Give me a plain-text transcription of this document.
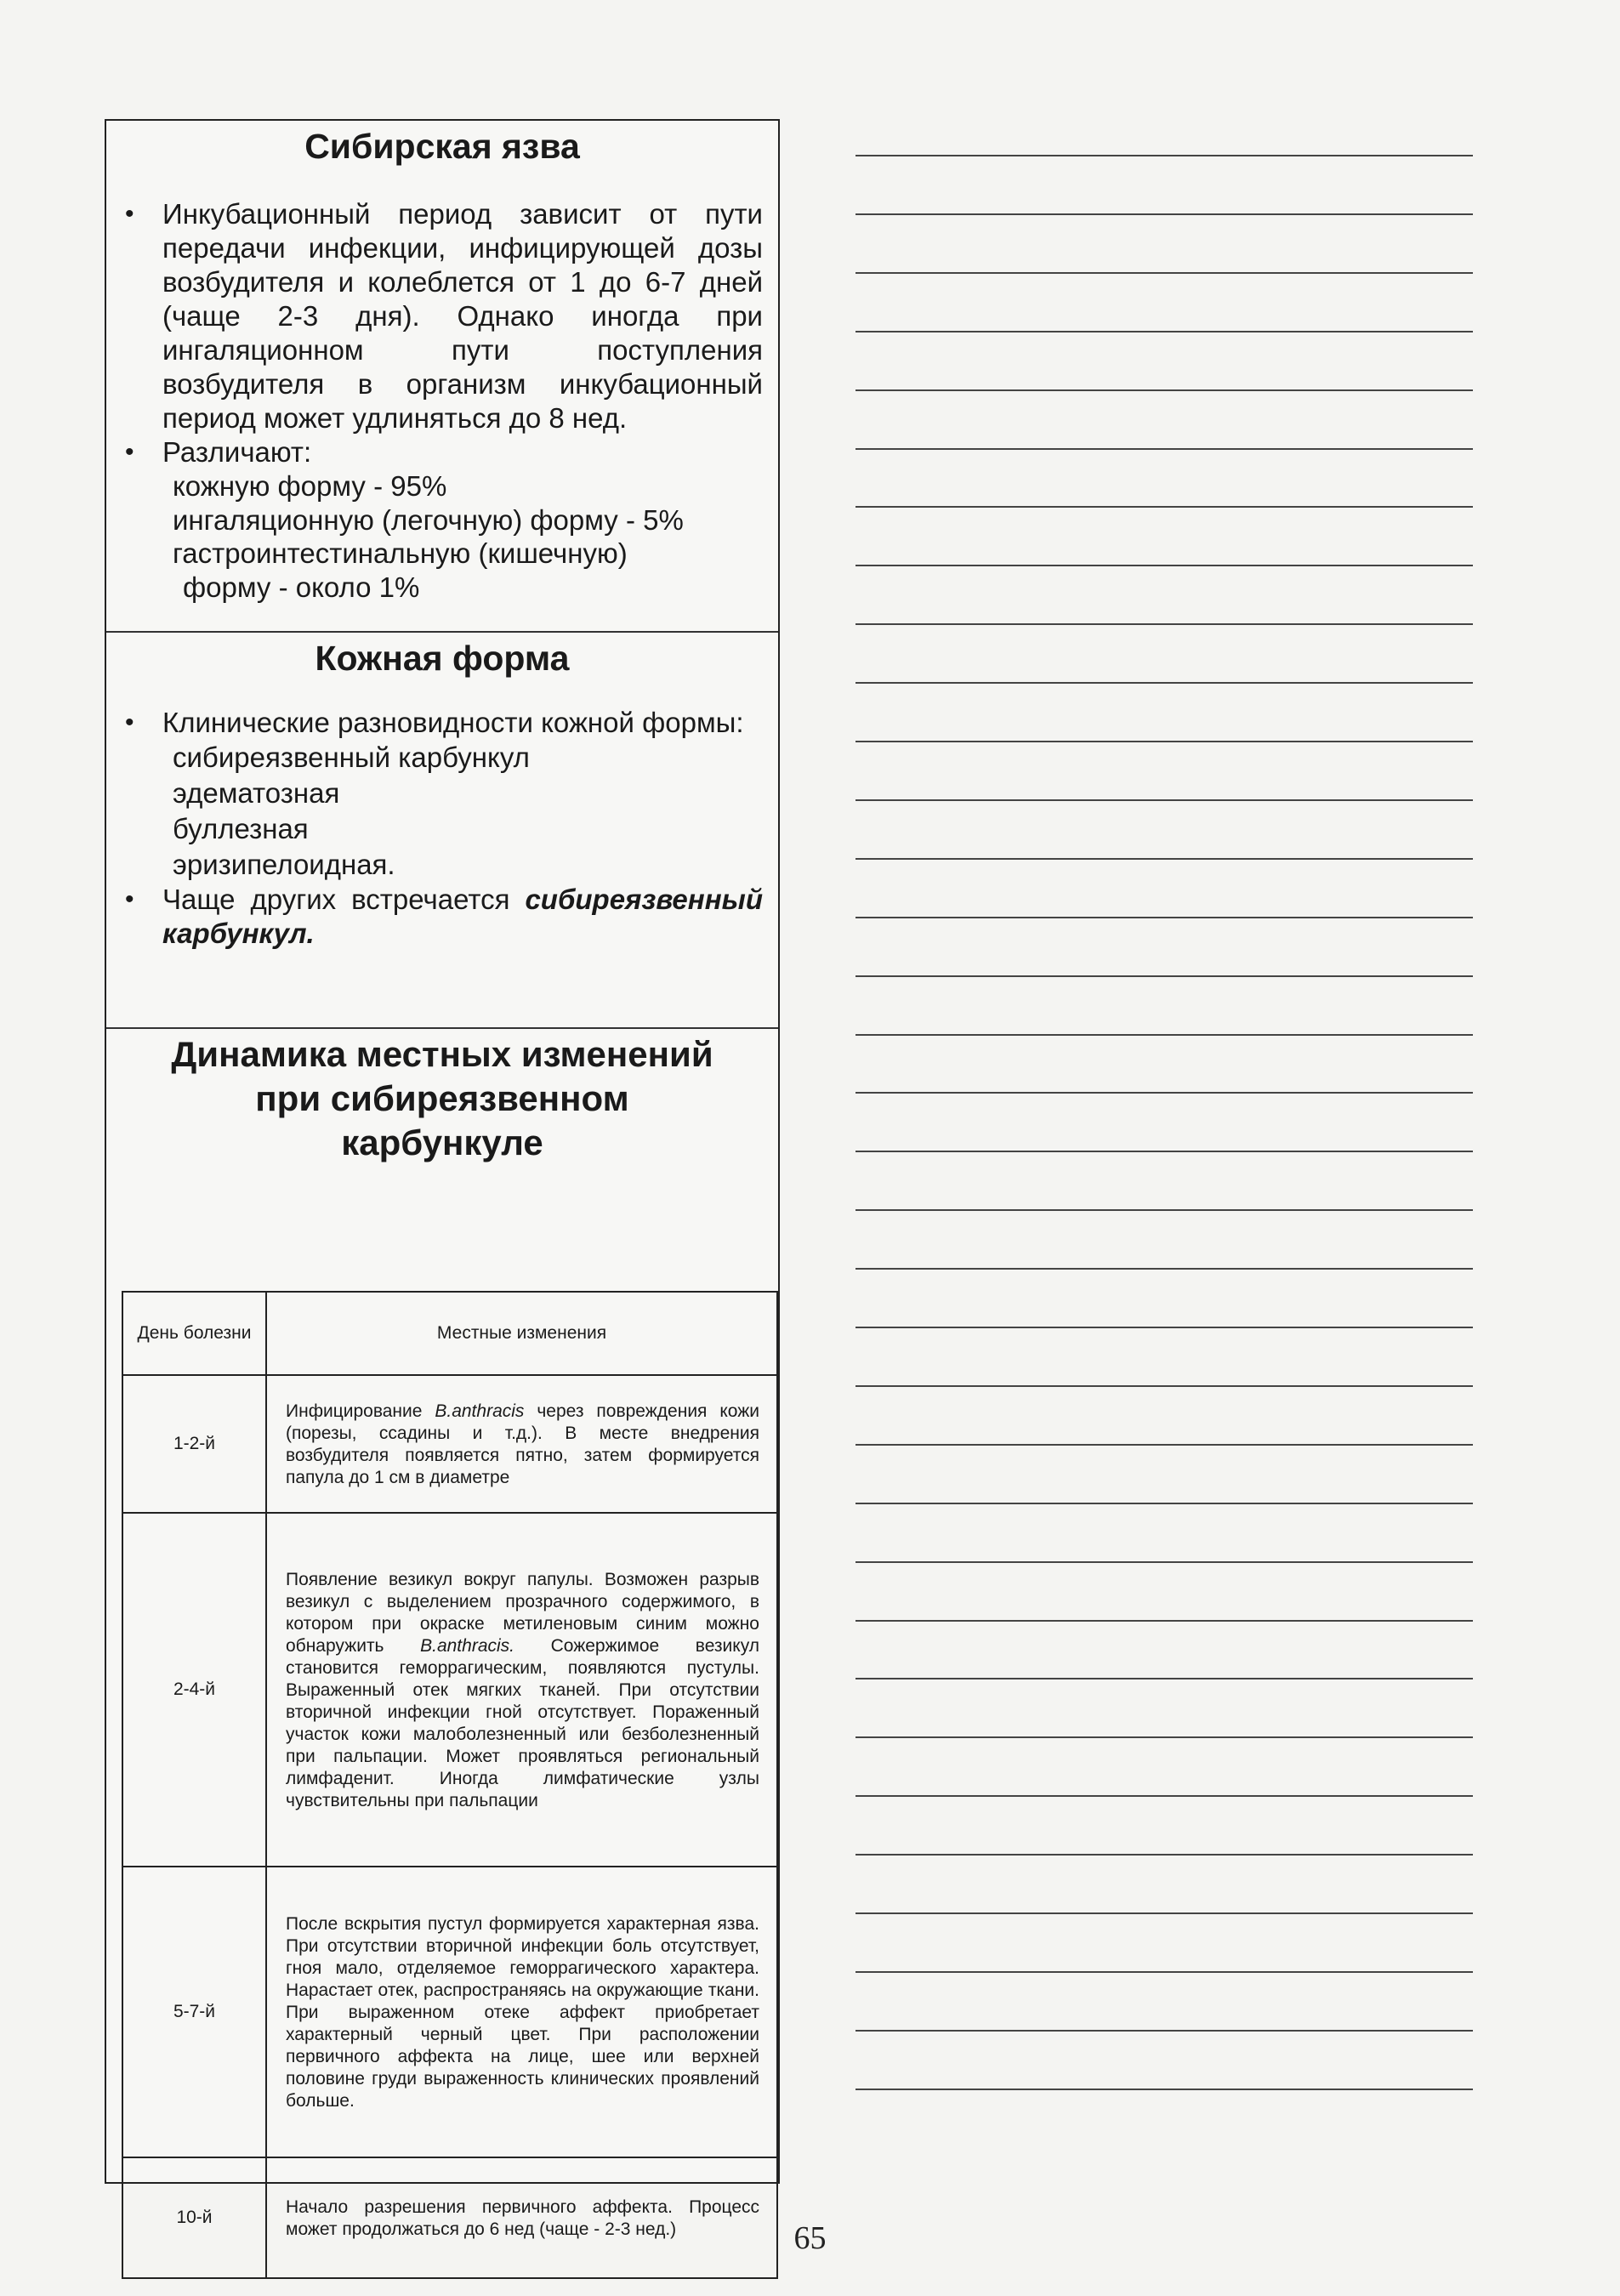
Сибирская язва
• Инкубационный период зависит от пути передачи инфекции, инфицирующей дозы возбудителя и колеблется от 1 до 6-7 дней (чаще 2-3 дня). Однако иногда при ингаляционном пути поступления возбудителя в организм инкубационный период может удлиняться до 8 нед.
• Различают:
кожную форму - 95%
ингаляционную (легочную) форму - 5%
гастроинтестинальную (кишечную)
форму - около 1%
Кожная форма
• Клинические разновидности кожной формы:
сибиреязвенный карбункул
эдематозная
буллезная
эризипелоидная.
• Чаще других встречается сибиреязвенный карбункул.
Динамика местных изменений
при сибиреязвенном
карбункуле
День болезни	Местные изменения
1-2-й	Инфицирование B.anthracis через повреждения кожи (порезы, ссадины и т.д.). В месте внедрения возбудителя появляется пятно, затем формируется папула до 1 см в диаметре
2-4-й	Появление везикул вокруг папулы. Возможен разрыв везикул с выделением прозрачного содержимого, в котором при окраске метиленовым синим можно обнаружить B.anthracis. Сожержимое везикул становится геморрагическим, появляются пустулы. Выраженный отек мягких тканей. При отсутствии вторичной инфекции гной отсутствует. Пораженный участок кожи малоболезненный или безболезненный при пальпации. Может проявляться региональный лимфаденит. Иногда лимфатические узлы чувствительны при пальпации
5-7-й	После вскрытия пустул формируется характерная язва. При отсутствии вторичной инфекции боль отсутствует, гноя мало, отделяемое геморрагического характера. Нарастает отек, распространяясь на окружающие ткани. При выраженном отеке аффект приобретает характерный черный цвет. При расположении первичного аффекта на лице, шее или верхней половине груди выраженность клинических проявлений больше.
10-й	Начало разрешения первичного аффекта. Процесс может продолжаться до 6 нед (чаще - 2-3 нед.)	65
